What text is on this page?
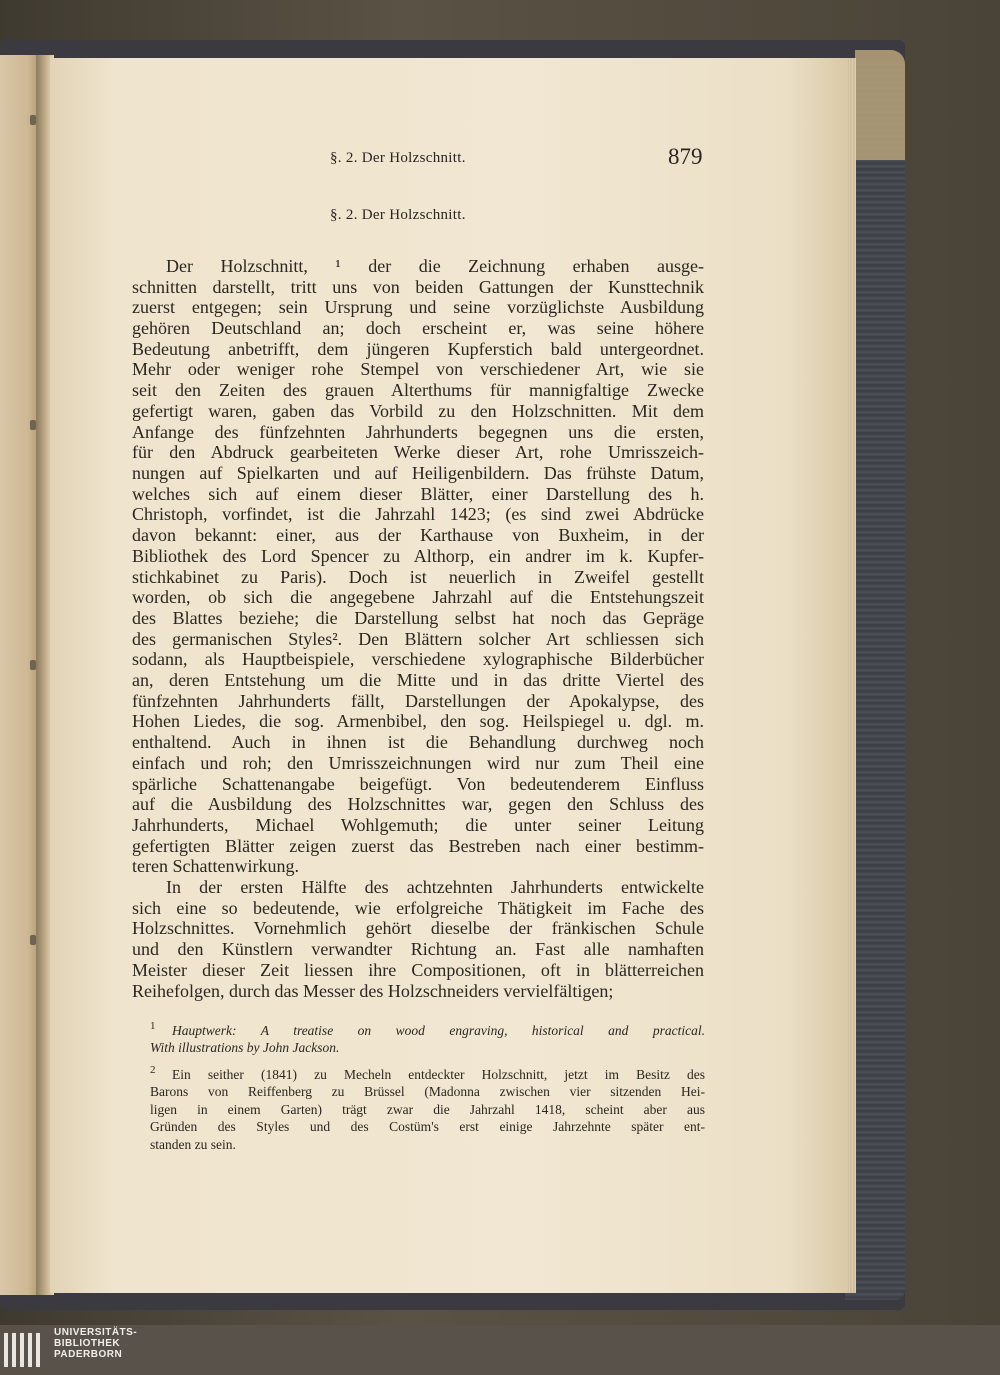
§. 2. Der Holzschnitt.	879
§. 2. Der Holzschnitt.
Der Holzschnitt, ¹ der die Zeichnung erhaben ausge-
schnitten darstellt, tritt uns von beiden Gattungen der Kunsttechnik
zuerst entgegen; sein Ursprung und seine vorzüglichste Ausbildung
gehören Deutschland an; doch erscheint er, was seine höhere
Bedeutung anbetrifft, dem jüngeren Kupferstich bald untergeordnet.
Mehr oder weniger rohe Stempel von verschiedener Art, wie sie
seit den Zeiten des grauen Alterthums für mannigfaltige Zwecke
gefertigt waren, gaben das Vorbild zu den Holzschnitten. Mit dem
Anfange des fünfzehnten Jahrhunderts begegnen uns die ersten,
für den Abdruck gearbeiteten Werke dieser Art, rohe Umrisszeich-
nungen auf Spielkarten und auf Heiligenbildern. Das frühste Datum,
welches sich auf einem dieser Blätter, einer Darstellung des h.
Christoph, vorfindet, ist die Jahrzahl 1423; (es sind zwei Abdrücke
davon bekannt: einer, aus der Karthause von Buxheim, in der
Bibliothek des Lord Spencer zu Althorp, ein andrer im k. Kupfer-
stichkabinet zu Paris). Doch ist neuerlich in Zweifel gestellt
worden, ob sich die angegebene Jahrzahl auf die Entstehungszeit
des Blattes beziehe; die Darstellung selbst hat noch das Gepräge
des germanischen Styles². Den Blättern solcher Art schliessen sich
sodann, als Hauptbeispiele, verschiedene xylographische Bilderbücher
an, deren Entstehung um die Mitte und in das dritte Viertel des
fünfzehnten Jahrhunderts fällt, Darstellungen der Apokalypse, des
Hohen Liedes, die sog. Armenbibel, den sog. Heilspiegel u. dgl. m.
enthaltend. Auch in ihnen ist die Behandlung durchweg noch
einfach und roh; den Umrisszeichnungen wird nur zum Theil eine
spärliche Schattenangabe beigefügt. Von bedeutenderem Einfluss
auf die Ausbildung des Holzschnittes war, gegen den Schluss des
Jahrhunderts, Michael Wohlgemuth; die unter seiner Leitung
gefertigten Blätter zeigen zuerst das Bestreben nach einer bestimm-
teren Schattenwirkung.
In der ersten Hälfte des achtzehnten Jahrhunderts entwickelte
sich eine so bedeutende, wie erfolgreiche Thätigkeit im Fache des
Holzschnittes. Vornehmlich gehört dieselbe der fränkischen Schule
und den Künstlern verwandter Richtung an. Fast alle namhaften
Meister dieser Zeit liessen ihre Compositionen, oft in blätterreichen
Reihefolgen, durch das Messer des Holzschneiders vervielfältigen;
1 Hauptwerk: A treatise on wood engraving, historical and practical.
With illustrations by John Jackson.
2 Ein seither (1841) zu Mecheln entdeckter Holzschnitt, jetzt im Besitz des
Barons von Reiffenberg zu Brüssel (Madonna zwischen vier sitzenden Hei-
ligen in einem Garten) trägt zwar die Jahrzahl 1418, scheint aber aus
Gründen des Styles und des Costüm's erst einige Jahrzehnte später ent-
standen zu sein.
UNIVERSITÄTS-
BIBLIOTHEK
PADERBORN
